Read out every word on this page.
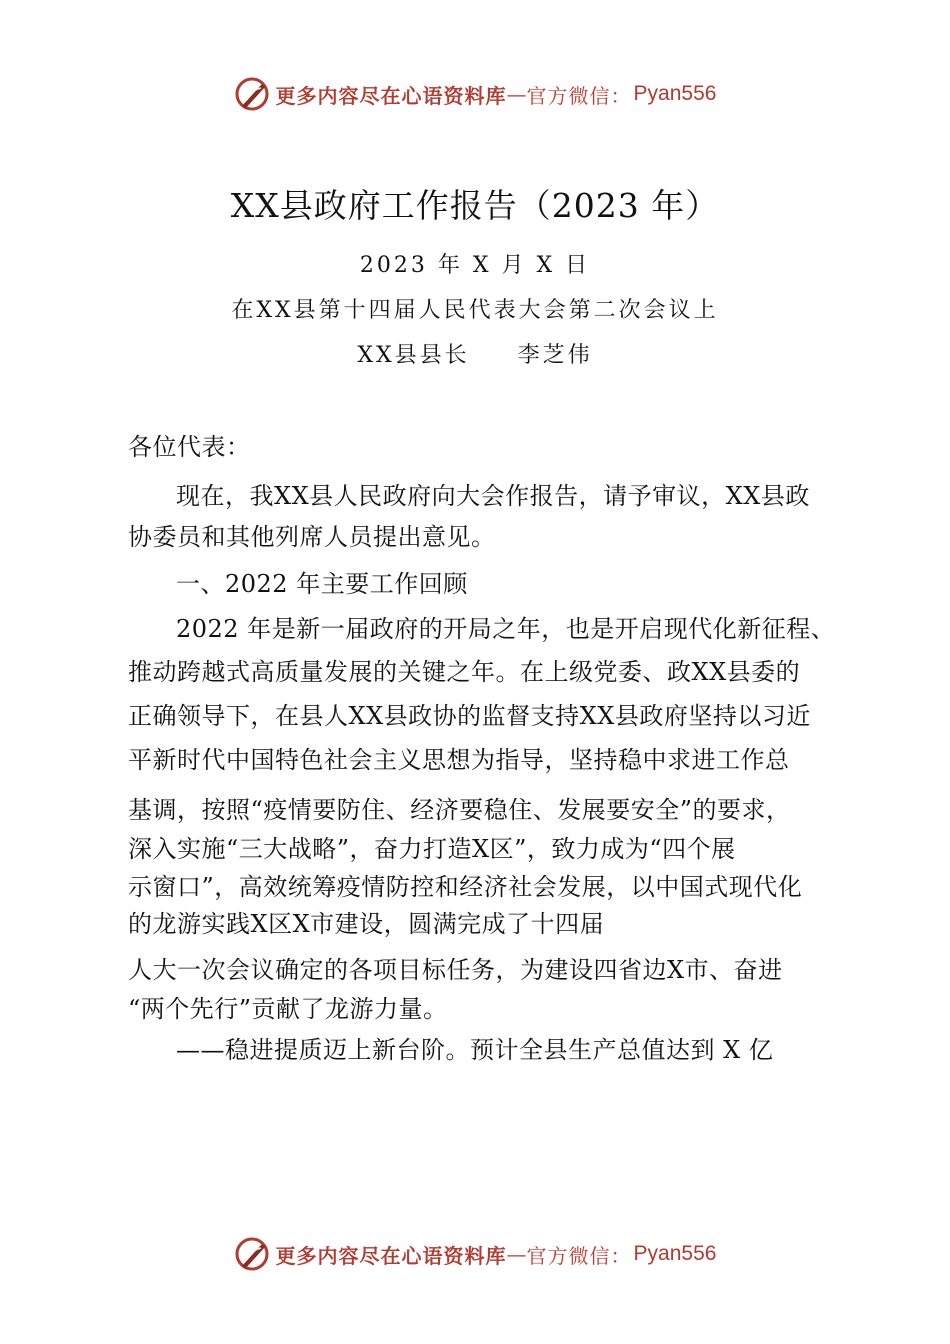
更多内容尽在心语资料库 — 官方微信： Pyan556
XX县政府工作报告（2023 年）
2023 年 X 月 X 日
在XX县第十四届人民代表大会第二次会议上
XX县县长 李芝伟
各位代表：
现在，我XX县人民政府向大会作报告，请予审议，XX县政
协委员和其他列席人员提出意见。
一、2022 年主要工作回顾
2022 年是新一届政府的开局之年，也是开启现代化新征程、
推动跨越式高质量发展的关键之年。在上级党委、政XX县委的
正确领导下，在县人XX县政协的监督支持XX县政府坚持以习近
平新时代中国特色社会主义思想为指导，坚持稳中求进工作总
基调，按照“疫情要防住、经济要稳住、发展要安全”的要求，
深入实施“三大战略”，奋力打造X区”，致力成为“四个展
示窗口”，高效统筹疫情防控和经济社会发展，以中国式现代化
的龙游实践X区X市建设，圆满完成了十四届
人大一次会议确定的各项目标任务，为建设四省边X市、奋进
“两个先行”贡献了龙游力量。
——稳进提质迈上新台阶。预计全县生产总值达到 X 亿
更多内容尽在心语资料库 — 官方微信： Pyan556
